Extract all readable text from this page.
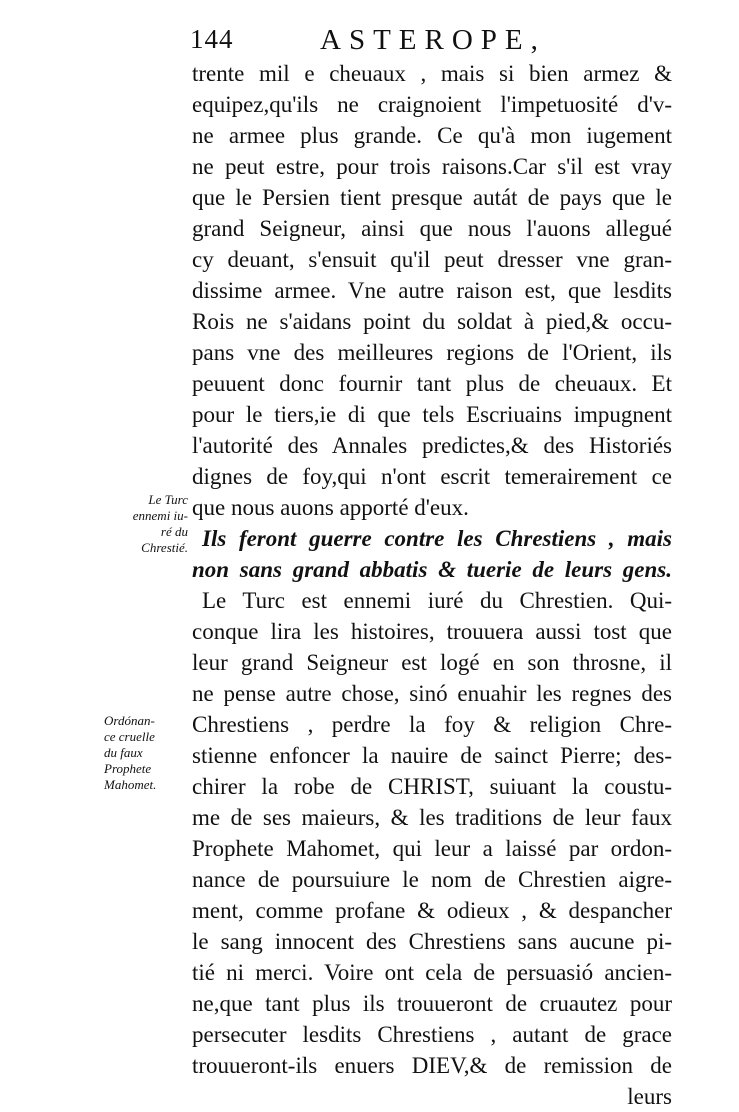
144	ASTEROPE,
trente mil e cheuaux , mais si bien armez &
equipez,qu'ils ne craignoient l'impetuosité d'v-
ne armee plus grande. Ce qu'à mon iugement
ne peut estre, pour trois raisons.Car s'il est vray
que le Persien tient presque autát de pays que le
grand Seigneur, ainsi que nous l'auons allegué
cy deuant, s'ensuit qu'il peut dresser vne gran-
dissime armee. Vne autre raison est, que lesdits
Rois ne s'aidans point du soldat à pied,& occu-
pans vne des meilleures regions de l'Orient, ils
peuuent donc fournir tant plus de cheuaux. Et
pour le tiers,ie di que tels Escriuains impugnent
l'autorité des Annales predictes,& des Historiés
dignes de foy,qui n'ont escrit temerairement ce
que nous auons apporté d'eux.
Ils feront guerre contre les Chrestiens , mais
non sans grand abbatis & tuerie de leurs gens.
Le Turc est ennemi iuré du Chrestien. Qui-
conque lira les histoires, trouuera aussi tost que
leur grand Seigneur est logé en son throsne, il
ne pense autre chose, sinó enuahir les regnes des
Chrestiens , perdre la foy & religion Chre-
stienne enfoncer la nauire de sainct Pierre; des-
chirer la robe de CHRIST, suiuant la coustu-
me de ses maieurs, & les traditions de leur faux
Prophete Mahomet, qui leur a laissé par ordon-
nance de poursuiure le nom de Chrestien aigre-
ment, comme profane & odieux , & despancher
le sang innocent des Chrestiens sans aucune pi-
tié ni merci. Voire ont cela de persuasió ancien-
ne,que tant plus ils trouueront de cruautez pour
persecuter lesdits Chrestiens , autant de grace
trouueront-ils enuers DIEV,& de remission de
leurs
Le Turc
ennemi iu-
ré du
Chrestié.
Ordónan-
ce cruelle
du faux
Prophete
Mahomet.
